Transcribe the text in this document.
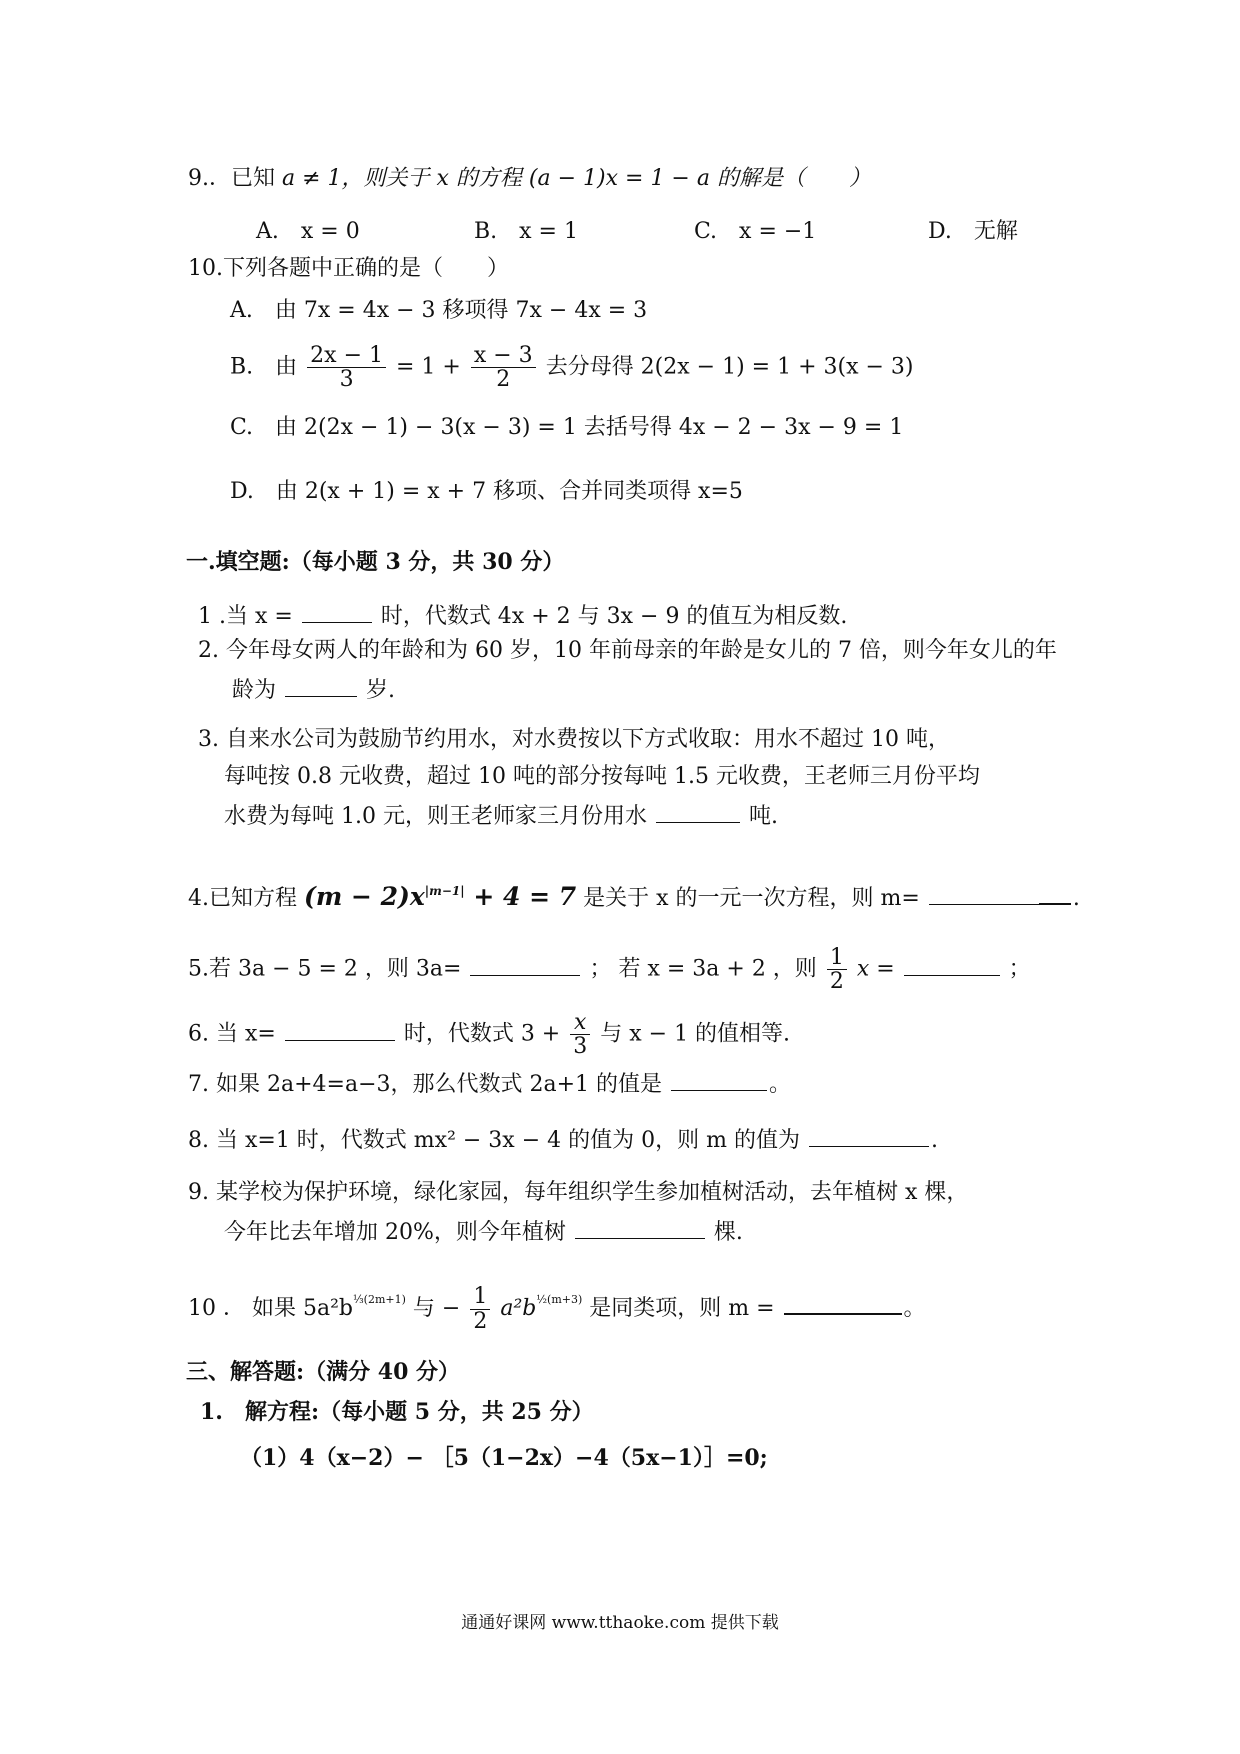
9.．已知 a ≠ 1，则关于 x 的方程 (a − 1)x = 1 − a 的解是（　　）
A.　x = 0	B.　x = 1	C.　x = −1	D.　无解
10.下列各题中正确的是（　　）
A.　由 7x = 4x − 3 移项得 7x − 4x = 3
B.　由 $\frac{2x - 1}{3} = 1 + \frac{x - 3}{2}$ 去分母得 2(2x − 1) = 1 + 3(x − 3)
C.　由 2(2x − 1) − 3(x − 3) = 1 去括号得 4x − 2 − 3x − 9 = 1
D.　由 2(x + 1) = x + 7 移项、合并同类项得 x=5
一.填空题:（每小题 3 分，共 30 分）
1 .当 x =	时，代数式 4x + 2 与 3x − 9 的值互为相反数.
2. 今年母女两人的年龄和为 60 岁，10 年前母亲的年龄是女儿的 7 倍，则今年女儿的年
龄为	岁.
3. 自来水公司为鼓励节约用水，对水费按以下方式收取：用水不超过 10 吨，
每吨按 0.8 元收费，超过 10 吨的部分按每吨 1.5 元收费，王老师三月份平均
水费为每吨 1.0 元，则王老师家三月份用水	吨.
4.已知方程 $(m - 2)x^{|m-1|} + 4 = 7$ 是关于 x 的一元一次方程，则 m=	.
5.若 3a − 5 = 2 ，则 3a=	； 若 x = 3a + 2 ，则 $\frac{1}{2}$ x =	；
6. 当 x=	时，代数式 $3 + \frac{x}{3}$ 与 x − 1 的值相等.
7. 如果 2a+4=a−3，那么代数式 2a+1 的值是	。
8. 当 x=1 时，代数式 mx² − 3x − 4 的值为 0，则 m 的值为	.
9. 某学校为保护环境，绿化家园，每年组织学生参加植树活动，去年植树 x 棵，
今年比去年增加 20%，则今年植树	棵.
10 ． 如果 $5a^2b^{\frac{1}{3}(2m+1)}$ 与 − $\frac{1}{2} a^2b^{\frac{1}{2}(m+3)}$ 是同类项，则 m =	。
三、解答题:（满分 40 分）
1.　解方程:（每小题 5 分，共 25 分）
（1）4（x−2）− ［5（1−2x）−4（5x−1）］=0;
通通好课网 www.tthaoke.com 提供下载
